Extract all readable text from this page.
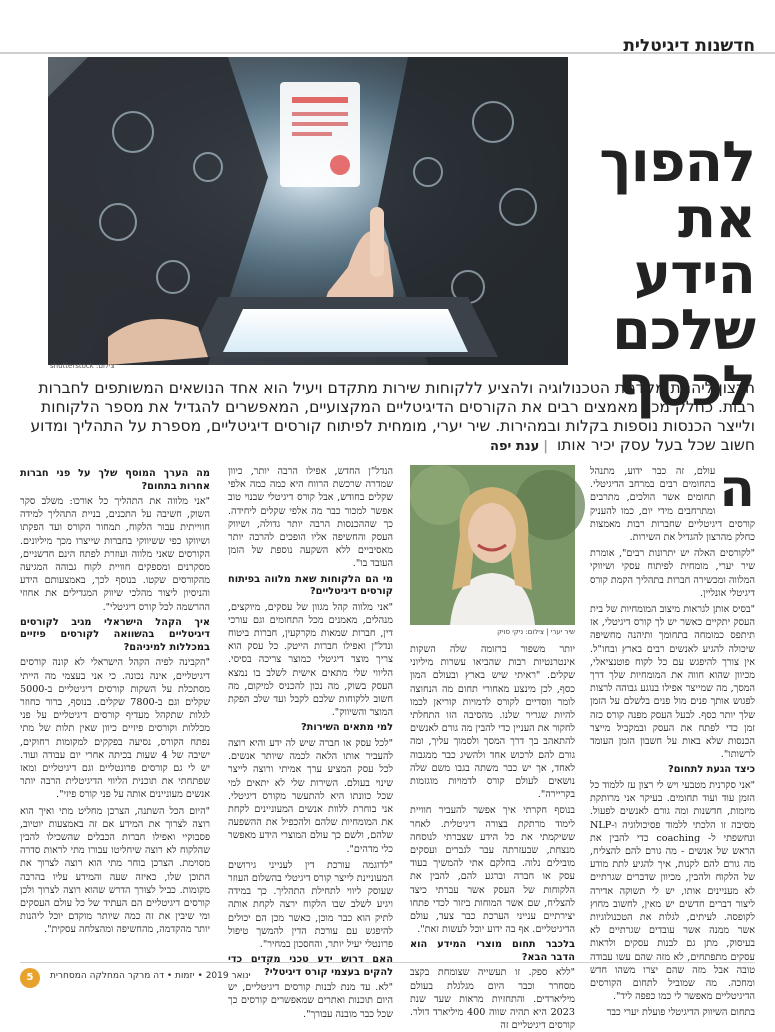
חדשנות דיגיטלית
צילום: shutterstock
להפוך
את הידע
שלכם
לכסף
הרצון ליהנות מקדמת הטכנולוגיה ולהציע ללקוחות שירות מתקדם ויעיל הוא אחד הנושאים המשותפים לחברות רבות. כחלק מכך מאמצים רבים את הקורסים הדיגיטליים המקצועיים, המאפשרים להגדיל את מספר הלקוחות ולייצר הכנסות נוספות בקלות ובמהירות. שיר יערי, מומחית לפיתוח קורסים דיגיטליים, מספרת על התהליך ומדוע חשוב שכל בעל עסק יכיר אותו |ענת יפה
ה

עולם, זה כבר ידוע, מתנהל בתחומים רבים במרחב הדיגיטלי. תחומים אשר הולכים, מתרבים ומתרחבים מידי יום, כמו להעניק קורסים דיגיטליים שחברות רבות מאמצות כחלק מהרצון להגדיל את השירות.

"לקורסים האלה יש יתרונות רבים", אומרת שיר יערי, מומחית לפיתוח עסקי ושיווקי המלווה ומכשירה חברות בתהליך הקמת קורס דיגיטלי אונליין.

"בסיס אותן לגראות מיצוב המומחיות של בית העסק יתקיים כאשר יש לך קורס דיגיטלי, אז תיתפס כמומחה בתחומך ותיהנה מחשיפה שיכולה להגיע לאנשים רבים בארץ ובחו"ל. אין צורך להיפגש עם כל לקוח פוטנציאלי, מכיוון שהוא חווה את המומחיות שלך דרך המסך, מה שמייצר אפילו בנוגע גבוהה לרצות לפגוש אותך פנים מול פנים בלשלם על הזמן שלך יותר כסף. לבעל העסק מפנה קורס כזה זמן כדי לפתח את העסק ובמקביל מייצר הכנסות שלא באות על חשבון הזמן העומד לרשותו".

כיצד הגעת לתחום?

"אני סקרנית מטבעי ויש לי רצון עז ללמוד כל הזמן עוד ועוד תחומים. בעיקר אני מרותקת מיזמות, חדשנות ומה גורם לאנשים לפעול. מסיבה זו הלכתי ללמוד פסיכולוגיה ו-NLP ונחשפתי ל- coaching כדי להבין את הראש של אנשים - מה גורם להם להצליח, מה גורם להם לקנות, איך להגיע לתת מודע של הלקוח ולהבין, מכיוון שדברים שגרתיים לא מעניינים אותו, יש לי תשוקה אדירה ליצור דברים חדשים יש מאין, לחשוב מחוץ לקופסה. לעיתים, לגלות את הטכנולוגיות אשר ממנה אשר עובדים שגרתיים לא בעיסוק, מתן גם לבנות עסקים ולראות עסקים מתפתחים, לא מזה שהם עשו עבודה טובה אבל מזה שהם יצרו משהו חדש ומחכה. מה שמוביל לתחום הקורסים הדיגיטליים מאפשר לי כמו כפפה ליד".

בתחום השיווק הדיגיטלי פועלת יערי כבר

שיר יערי | צילום: ניקי סויק

יותר משפור ברזומה שלה השקות אינטרנטיות רבות שהביאו עשרות מיליוני שקלים. "ראיתי שיש בארץ ובעולם המון כסף, לכן מינצע מאחורי תחום מה הנחוצה לומר ווסדיים לקורס לדמויות קוריאן לכמו להיות שגריר שלנו. מהסיבה הזו התחלתי לחקור את העניין כדי להבין מה גורם לאנשים להתאהב בך דרך המסך ולסמוך עליך, ומה גורם להם לרכוש אחד ולהשיג כבר ממגבוה לאחד, אך יש כבר משתה בגבו משם שלה נושאים לעולם קורס לדמויות מוגזמות בקריירה".

בנוסף חקרתי איך אפשר להעביר חוויית לימוד מרתקת בצורה דיגיטלית. לאחר ששיקמתי את כל הידע שצברתי לנוסחה מנצחת, שבעזרתה עבר לגברים ועסקים מובילים נלוה. בחלקם אתי להמשיך בעוד עסק או חברה וברגע להם, להבין את הלקוחות של העסק אשר עברתי כיצד להצליח, שם אשר המוחות ביזור לכדי פתחו יצירתיים ענייני הערכת כבר צעד, עולם הדיגיטליים. אף בה ידוע יוכל לעשות זאת".

בלכבר תחום מוצרי המידע הוא הדבר הבא?

"ללא ספק. זו תעשייה שצומחת בקצב מסחרר וכבר היום מגלגלת בעולם מיליארדים. והתחזיות מראות שעד שנת 2023 היא תהיה שווה 400 מיליארד דולר. קורסים דיגיטליים זה

הנדל"ן החדש, אפילו הרבה יותר, כיוון שמדרה שרכשת הרווח היא כמה כמה אלפי שקלים בחודש, אבל קורס דיגיטלי שבנוי טוב אפשר למכור כבר מה אלפי שקלים ליחידה. כך שההכנסות הרבה יותר גדולה, ושיווק העסק והחשיפה אליו הופכים להרבה יותר מאסיביים ללא השקעה נוספת של הזמן העובד בו".

מי הם הלקוחות שאת מלווה בפיתוח קורסים דיגיטליים?

"אני מלווה קהל מגוון של עסקים, מיוקצים, מנהלים, מאמנים מכל התחומים וגם עורכי דין, חברות שמאות מקרקעין, חברות ביטוח ונדל"ן ואפילו חברות הייטק. כל עסק הוא צריך מוצר דיגיטלי כמוצר צריכה בסיסי. הליווי שלי מתאים אישית לשלב בו נמצא העסק בשוק, מה נכון להכניס למיקום, מה חשוב ללקוחות שלכם לקבל ועד שלב הפקת המוצר והשיווק".

למי מתאים השירות?

"לכל עסק או חברה שיש לה ידע והיא רוצה להעביר אותו הלאה לכמה שיותר אנשים. לכל עסק המציע ערך אמיתי ורוצה לייצר שינוי בעולם. השירות שלי לא יתאים למי שכל כוונתו היא להתעשר מקורס דיגיטלי. אני בוחרת ללוות אנשים המעוניינים לקחת את המומחיות שלהם ולהכפיל את ההשפעה שלהם, ולשם כך עולם המוצרי הידע מאפשר כלי מדהים".

"לדוגמה עורכת דין לענייני גירושים המעוניינת לייצר קורס דיגיטלי בהשלום העוזר שעוסק ליווי לתחילת התהליך. כך במידה ויגיע לשלב שבו הלקוח ירצה לקחת אותה לתיק הוא כבר מוכן, כאשר מכן הם יכולים להיפגש עם עורכת הדין להמשך טיפול פרונטלי יעיל יותר, והחסכון במחיר".

האם דרוש ידע טכני מקדים כדי להקים בעצמי קורס דיגיטלי?

"לא. עד מנת לבנות קורסים דיגיטליים, יש היום תוכנות ואתרים שמאפשרים קורסים כך שכל כבר מובנה עבורך".

מה הערך המוסף שלך על פני חברות אחרות בתחום?

"אני מלווה את התהליך כל אורכו: משלב סקר השוק, חשיבה על התכנים, בניית התהליך למידה חווייתית עבור הלקוח, תמחור הקורס ועד הפקתו ושיווקו כפי ששיווקי בחברות שייצרו מכך מיליונים. הקורסים שאני מלווה ועוזרת לפתח הינם חדשניים, מסקרנים ומספקים חוויית לקוח גבוהה המגיעה מהקורסים שקטו. בנוסף לכך, באמצעותם הידע והניסיון ליצור מהלכי שיווק המגדילים את אחוזי ההרשמה לכל קורס דיגיטלי".

איך הקהל הישראלי מגיב לקורסים דיגיטליים בהשוואה לקורסים פיזיים במכללות למיניהם?

"הקבינה לפיה הקהל הישראלי לא קונה קורסים דיגיטליים, אינה נכונה. כי אני בעצמי מה הייתי מסתכלת על השקות קורסים דיגיטליים ב-5000 שקלים וגם ב-7800 שקלים. בנוסף, ברור כחוזר לגלות שתקהל מעדיף קורסים דיגיטליים על פני מכללות וקורסים פיזיים כיוון שאין תלות של מתי נפתח הקורס, נסיעה בפקקים למקומות רחוקים, ישיבה של 4 שעות בכיתה אחרי יום עבודה ועוד. יש לי גם קורסים פרונטליים וגם דיגיטליים ומאז שפתחתי את תוכנית הליווי הדיגיטלית הרבה יותר אנשים מעוניינים אותה על פני קורס פיזי".

"היום הכל השתנה, הצרכן מחליט מתי ואיך הוא רוצה לצרוך את המידע אם זה באמצעות יוטיוב, פסבוקיי ואפילו חברות הכבלים שהשכילו להבין שהלקוח לא רוצה שיחליטו עבורו מתי לראות סדרה מסוימת. הצרכן בוחר מתי הוא רוצה לצרוך את התוכן שלו, כאיזה שעה והמידע עליו בהרבה מקומות. כביל לצורך הדרש שהוא רוצה לצרוך ולכן קורסים דיגיטליים הם העתיד של כל עולם העסקים ומי שיבין את זה כמה שיותר מוקדם יוכל ליהנות יותר מהקדמה, מהחשיפה ומהצלחה עסקית".

5	ינואר 2019 • יזמות • דה מרקר המחלקה המסחרית
